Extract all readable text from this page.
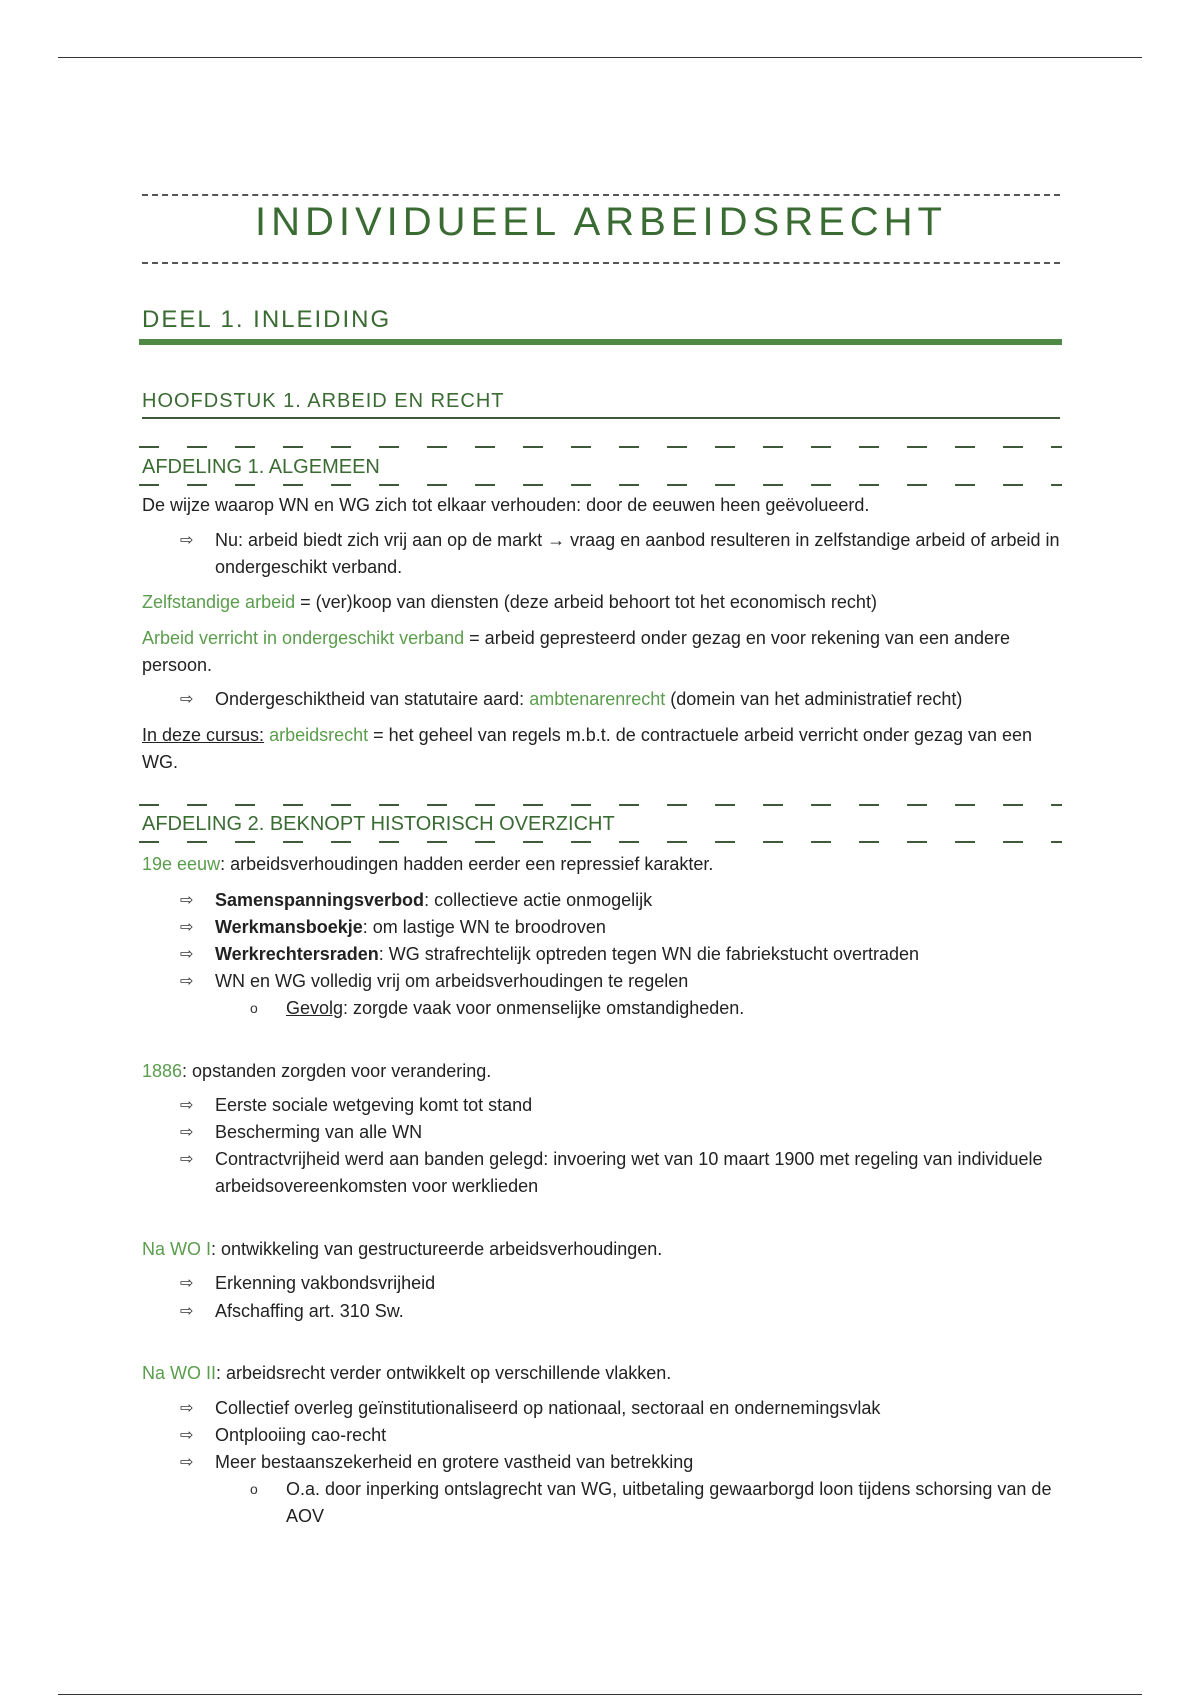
INDIVIDUEEL ARBEIDSRECHT
DEEL 1. INLEIDING
HOOFDSTUK 1. ARBEID EN RECHT
AFDELING 1. ALGEMEEN
De wijze waarop WN en WG zich tot elkaar verhouden: door de eeuwen heen geëvolueerd.
⇨	Nu: arbeid biedt zich vrij aan op de markt → vraag en aanbod resulteren in zelfstandige arbeid of arbeid in ondergeschikt verband.
Zelfstandige arbeid = (ver)koop van diensten (deze arbeid behoort tot het economisch recht)
Arbeid verricht in ondergeschikt verband = arbeid gepresteerd onder gezag en voor rekening van een andere persoon.
⇨	Ondergeschiktheid van statutaire aard: ambtenarenrecht (domein van het administratief recht)
In deze cursus: arbeidsrecht = het geheel van regels m.b.t. de contractuele arbeid verricht onder gezag van een WG.
AFDELING 2. BEKNOPT HISTORISCH OVERZICHT
19e eeuw: arbeidsverhoudingen hadden eerder een repressief karakter.
⇨	Samenspanningsverbod: collectieve actie onmogelijk
⇨	Werkmansboekje: om lastige WN te broodroven
⇨	Werkrechtersraden: WG strafrechtelijk optreden tegen WN die fabriekstucht overtraden
⇨	WN en WG volledig vrij om arbeidsverhoudingen te regelen
o Gevolg: zorgde vaak voor onmenselijke omstandigheden.
1886: opstanden zorgden voor verandering.
⇨	Eerste sociale wetgeving komt tot stand
⇨	Bescherming van alle WN
⇨	Contractvrijheid werd aan banden gelegd: invoering wet van 10 maart 1900 met regeling van individuele arbeidsovereenkomsten voor werklieden
Na WO I: ontwikkeling van gestructureerde arbeidsverhoudingen.
⇨	Erkenning vakbondsvrijheid
⇨	Afschaffing art. 310 Sw.
Na WO II: arbeidsrecht verder ontwikkelt op verschillende vlakken.
⇨	Collectief overleg geïnstitutionaliseerd op nationaal, sectoraal en ondernemingsvlak
⇨	Ontplooiing cao-recht
⇨	Meer bestaanszekerheid en grotere vastheid van betrekking
o O.a. door inperking ontslagrecht van WG, uitbetaling gewaarborgd loon tijdens schorsing van de AOV
